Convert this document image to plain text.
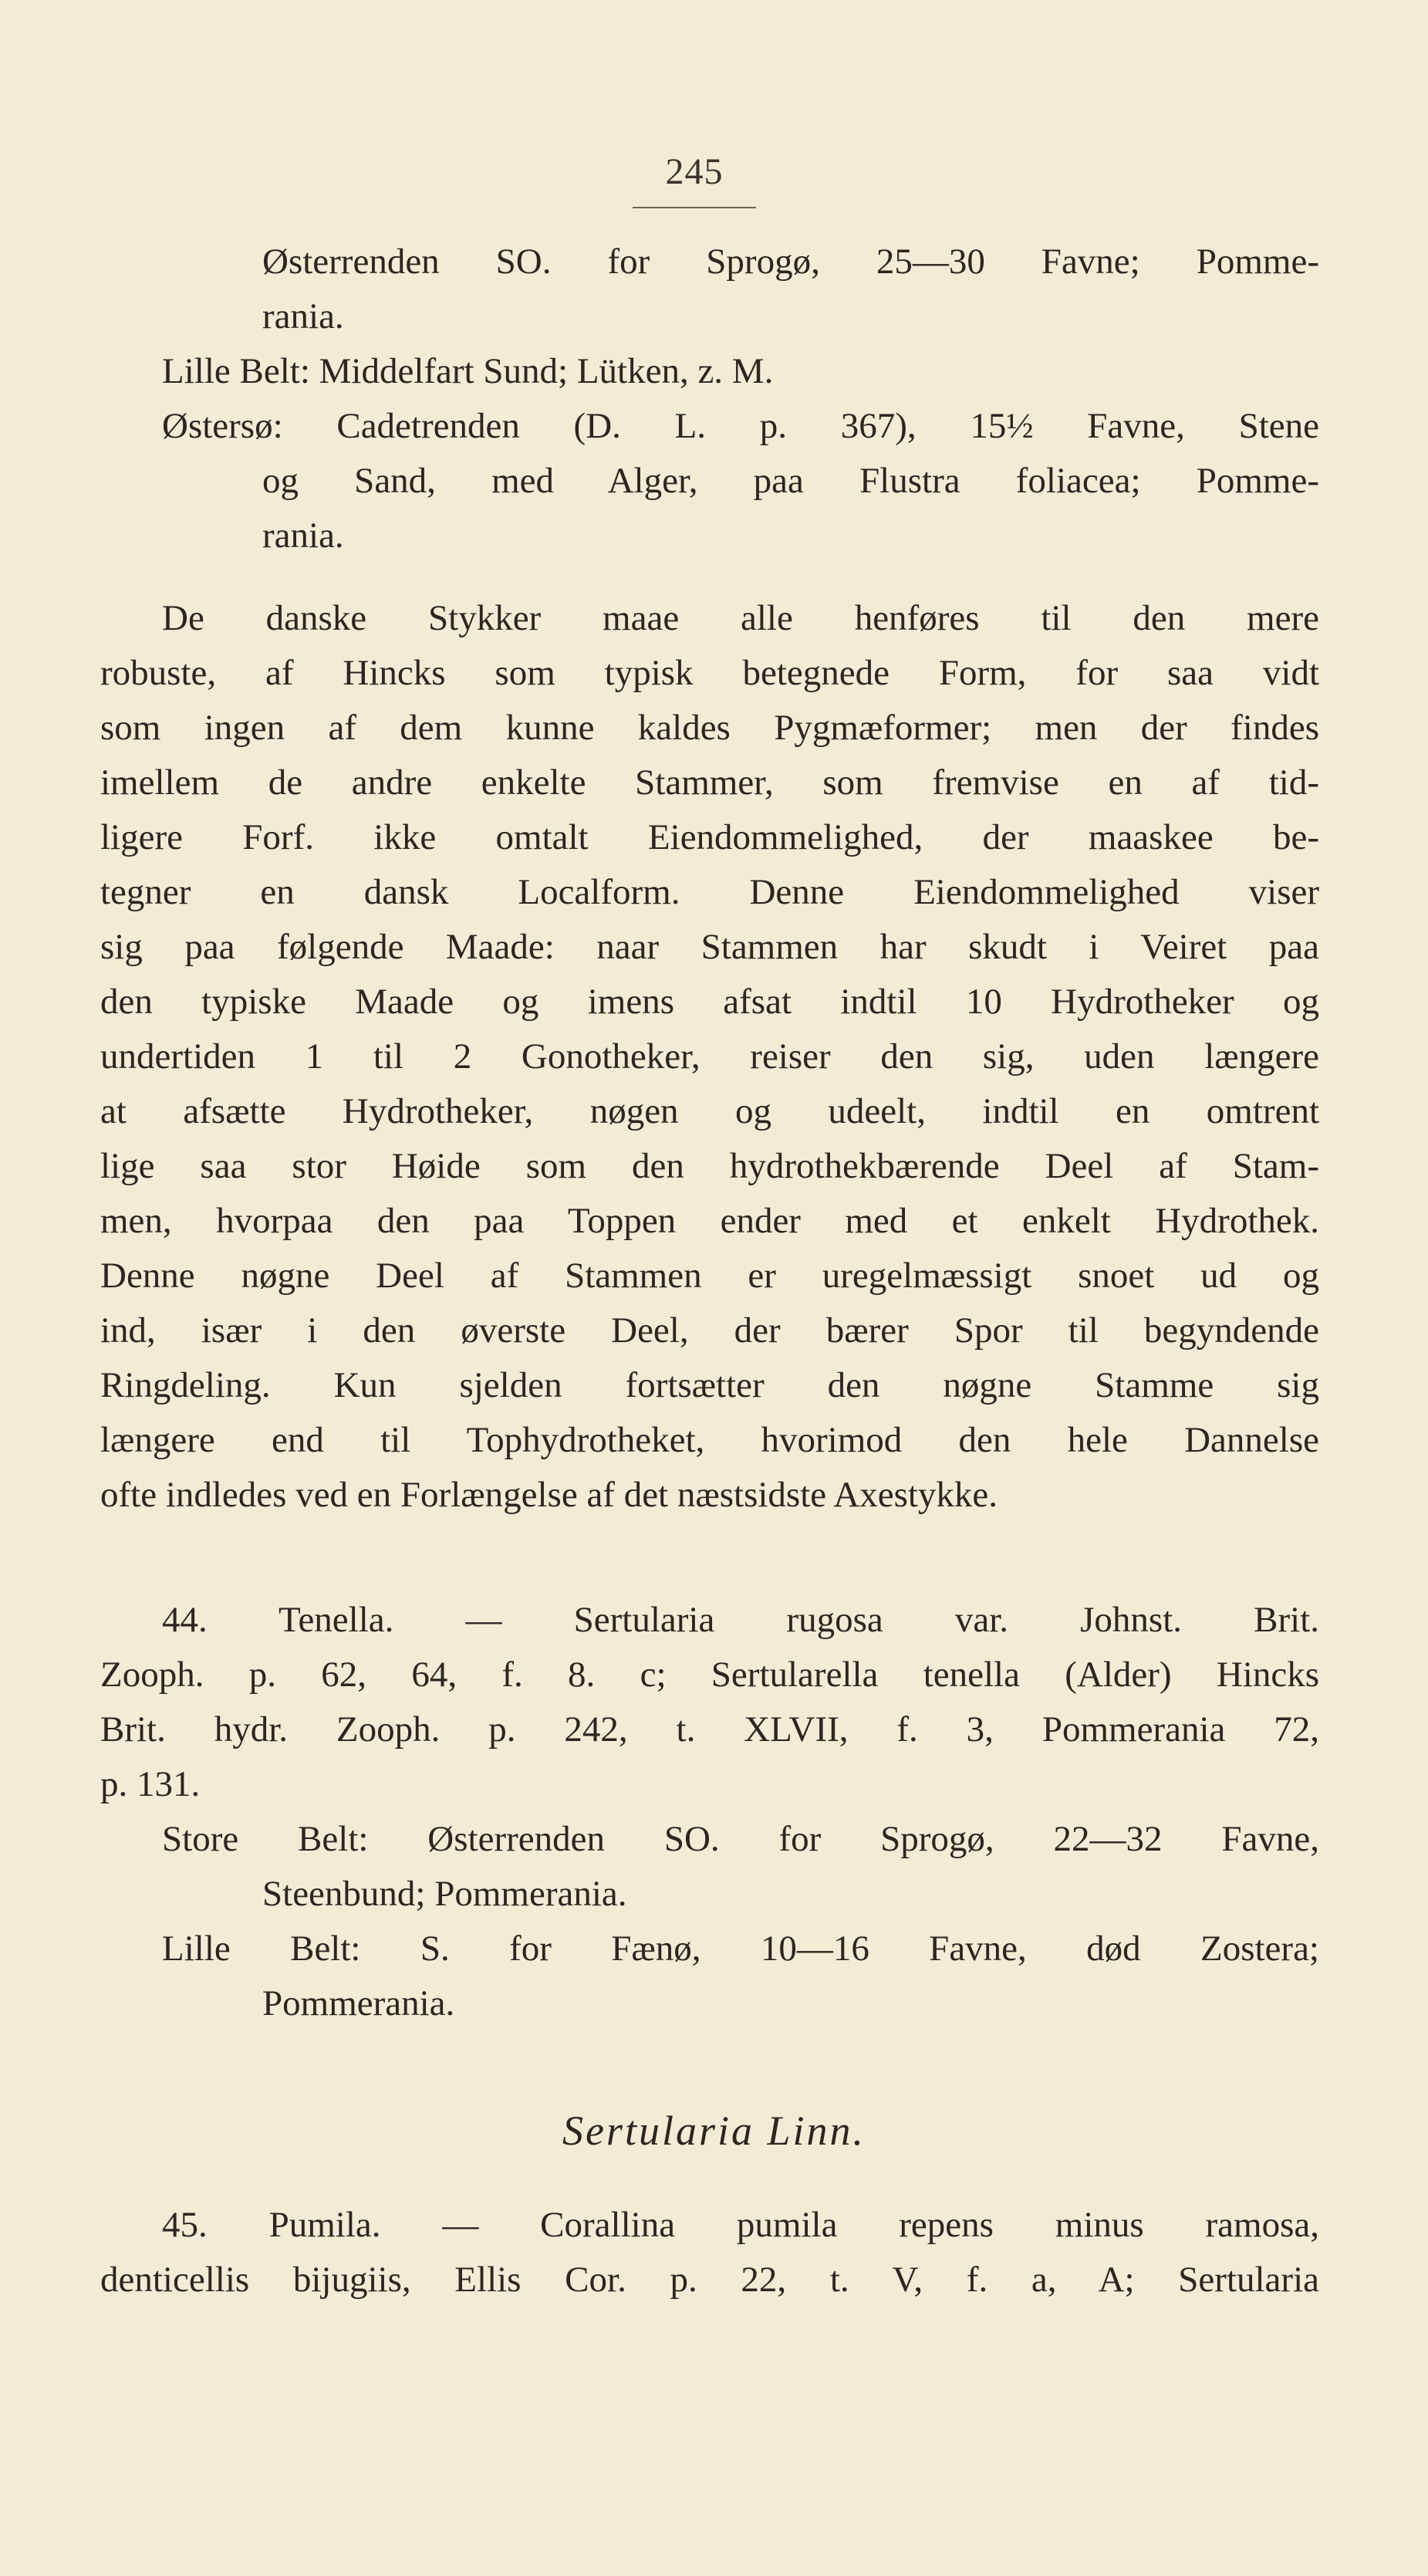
245
Østerrenden SO. for Sprogø, 25—30 Favne; Pomme-
rania.
Lille Belt: Middelfart Sund; Lütken, z. M.
Østersø: Cadetrenden (D. L. p. 367), 15½ Favne, Stene
og Sand, med Alger, paa Flustra foliacea; Pomme-
rania.
De danske Stykker maae alle henføres til den mere
robuste, af Hincks som typisk betegnede Form, for saa vidt
som ingen af dem kunne kaldes Pygmæformer; men der findes
imellem de andre enkelte Stammer, som fremvise en af tid-
ligere Forf. ikke omtalt Eiendommelighed, der maaskee be-
tegner en dansk Localform. Denne Eiendommelighed viser
sig paa følgende Maade: naar Stammen har skudt i Veiret paa
den typiske Maade og imens afsat indtil 10 Hydrotheker og
undertiden 1 til 2 Gonotheker, reiser den sig, uden længere
at afsætte Hydrotheker, nøgen og udeelt, indtil en omtrent
lige saa stor Høide som den hydrothekbærende Deel af Stam-
men, hvorpaa den paa Toppen ender med et enkelt Hydrothek.
Denne nøgne Deel af Stammen er uregelmæssigt snoet ud og
ind, især i den øverste Deel, der bærer Spor til begyndende
Ringdeling. Kun sjelden fortsætter den nøgne Stamme sig
længere end til Tophydrotheket, hvorimod den hele Dannelse
ofte indledes ved en Forlængelse af det næstsidste Axestykke.
44. Tenella. — Sertularia rugosa var. Johnst. Brit.
Zooph. p. 62, 64, f. 8. c; Sertularella tenella (Alder) Hincks
Brit. hydr. Zooph. p. 242, t. XLVII, f. 3, Pommerania 72,
p. 131.
Store Belt: Østerrenden SO. for Sprogø, 22—32 Favne,
Steenbund; Pommerania.
Lille Belt: S. for Fænø, 10—16 Favne, død Zostera;
Pommerania.
Sertularia Linn.
45. Pumila. — Corallina pumila repens minus ramosa,
denticellis bijugiis, Ellis Cor. p. 22, t. V, f. a, A; Sertularia
